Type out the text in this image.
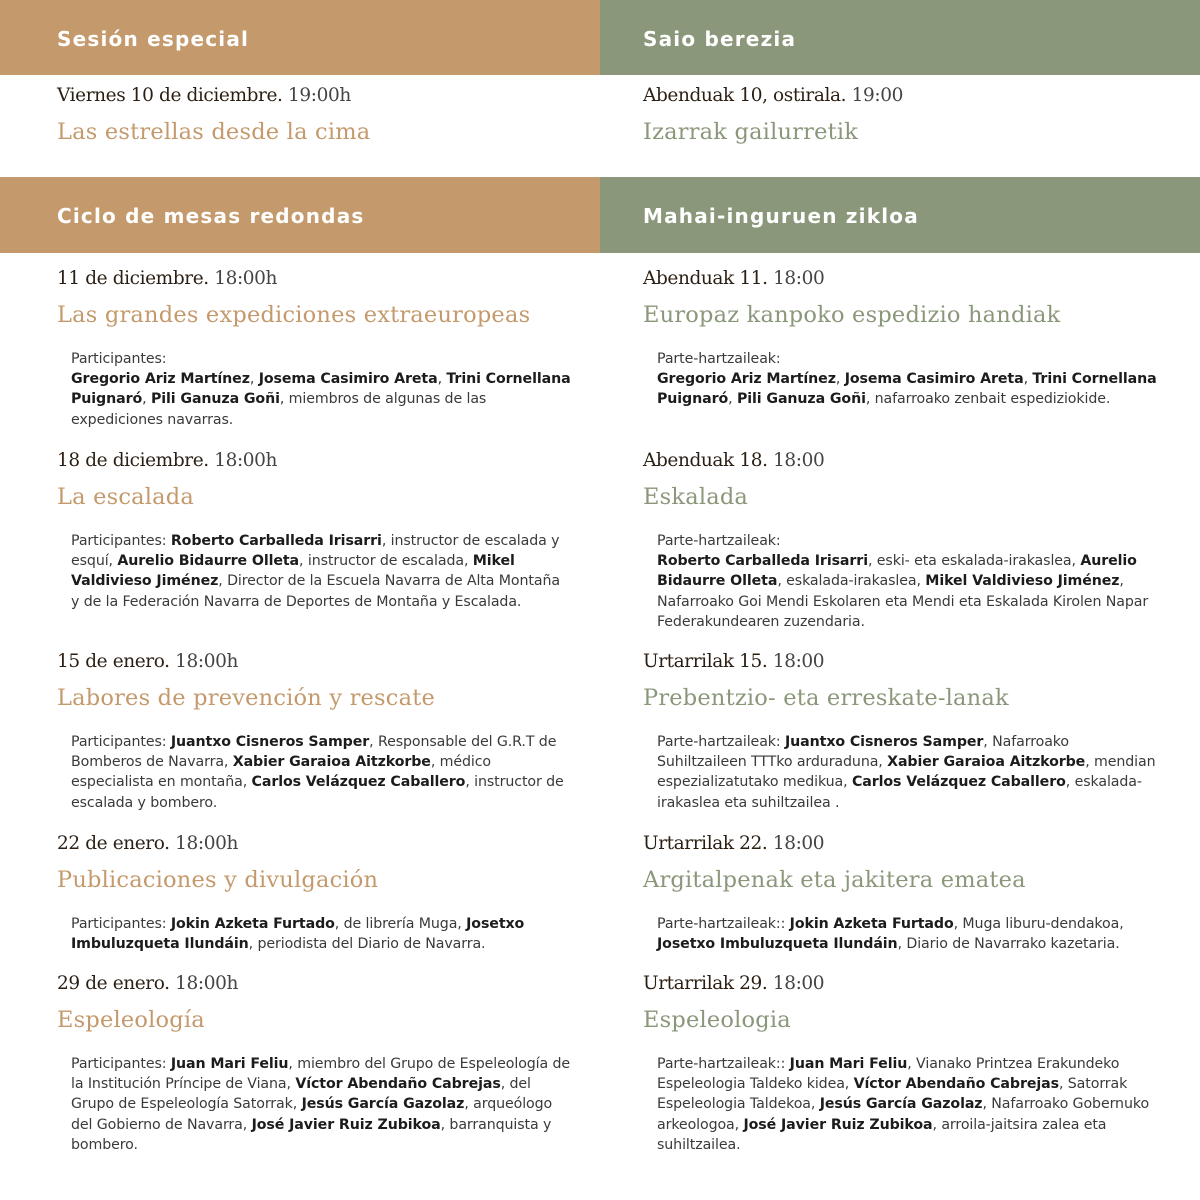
Sesión especial	Saio berezia
Viernes 10 de diciembre. 19:00h
Las estrellas desde la cima
Abenduak 10, ostirala. 19:00
Izarrak gailurretik
Ciclo de mesas redondas	Mahai-inguruen zikloa
11 de diciembre. 18:00h
Las grandes expediciones extraeuropeas
Participantes:
Gregorio Ariz Martínez, Josema Casimiro Areta, Trini Cornellana Puignaró, Pili Ganuza Goñi, miembros de algunas de las expediciones navarras.
Abenduak 11. 18:00
Europaz kanpoko espedizio handiak
Parte-hartzaileak:
Gregorio Ariz Martínez, Josema Casimiro Areta, Trini Cornellana Puignaró, Pili Ganuza Goñi, nafarroako zenbait espediziokide.
18 de diciembre. 18:00h
La escalada
Participantes: Roberto Carballeda Irisarri, instructor de escalada y esquí, Aurelio Bidaurre Olleta, instructor de escalada, Mikel Valdivieso Jiménez, Director de la Escuela Navarra de Alta Montaña y de la Federación Navarra de Deportes de Montaña y Escalada.
Abenduak 18. 18:00
Eskalada
Parte-hartzaileak:
Roberto Carballeda Irisarri, eski- eta eskalada-irakaslea, Aurelio Bidaurre Olleta, eskalada-irakaslea, Mikel Valdivieso Jiménez, Nafarroako Goi Mendi Eskolaren eta Mendi eta Eskalada Kirolen Napar Federakundearen zuzendaria.
15 de enero. 18:00h
Labores de prevención y rescate
Participantes: Juantxo Cisneros Samper, Responsable del G.R.T de Bomberos de Navarra, Xabier Garaioa Aitzkorbe, médico especialista en montaña, Carlos Velázquez Caballero, instructor de escalada y bombero.
Urtarrilak 15. 18:00
Prebentzio- eta erreskate-lanak
Parte-hartzaileak: Juantxo Cisneros Samper, Nafarroako Suhiltzaileen TTTko arduraduna, Xabier Garaioa Aitzkorbe, mendian espezializatutako medikua, Carlos Velázquez Caballero, eskalada-irakaslea eta suhiltzailea .
22 de enero. 18:00h
Publicaciones y divulgación
Participantes: Jokin Azketa Furtado, de librería Muga, Josetxo Imbuluzqueta Ilundáin, periodista del Diario de Navarra.
Urtarrilak 22. 18:00
Argitalpenak eta jakitera ematea
Parte-hartzaileak:: Jokin Azketa Furtado, Muga liburu-dendakoa, Josetxo Imbuluzqueta Ilundáin, Diario de Navarrako kazetaria.
29 de enero. 18:00h
Espeleología
Participantes: Juan Mari Feliu, miembro del Grupo de Espeleología de la Institución Príncipe de Viana, Víctor Abendaño Cabrejas, del Grupo de Espeleología Satorrak, Jesús García Gazolaz, arqueólogo del Gobierno de Navarra, José Javier Ruiz Zubikoa, barranquista y bombero.
Urtarrilak 29. 18:00
Espeleologia
Parte-hartzaileak:: Juan Mari Feliu, Vianako Printzea Erakundeko Espeleologia Taldeko kidea, Víctor Abendaño Cabrejas, Satorrak Espeleologia Taldekoa, Jesús García Gazolaz, Nafarroako Gobernuko arkeologoa, José Javier Ruiz Zubikoa, arroila-jaitsira zalea eta suhiltzailea.
